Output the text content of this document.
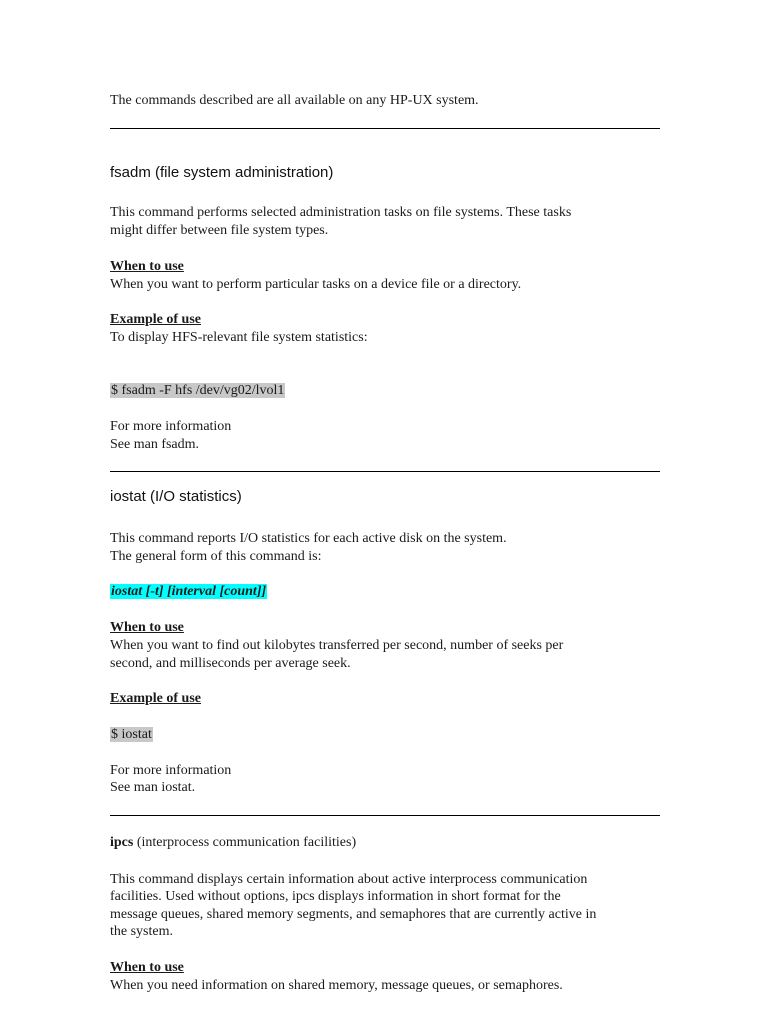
The commands described are all available on any HP-UX system.
fsadm (file system administration)
This command performs selected administration tasks on file systems. These tasks
might differ between file system types.
When to use
When you want to perform particular tasks on a device file or a directory.
Example of use
To display HFS-relevant file system statistics:
$ fsadm -F hfs /dev/vg02/lvol1
For more information
See man fsadm.
iostat (I/O statistics)
This command reports I/O statistics for each active disk on the system.
The general form of this command is:
iostat [-t] [interval [count]]
When to use
When you want to find out kilobytes transferred per second, number of seeks per
second, and milliseconds per average seek.
Example of use
$ iostat
For more information
See man iostat.
ipcs (interprocess communication facilities)
This command displays certain information about active interprocess communication
facilities. Used without options, ipcs displays information in short format for the
message queues, shared memory segments, and semaphores that are currently active in
the system.
When to use
When you need information on shared memory, message queues, or semaphores.
